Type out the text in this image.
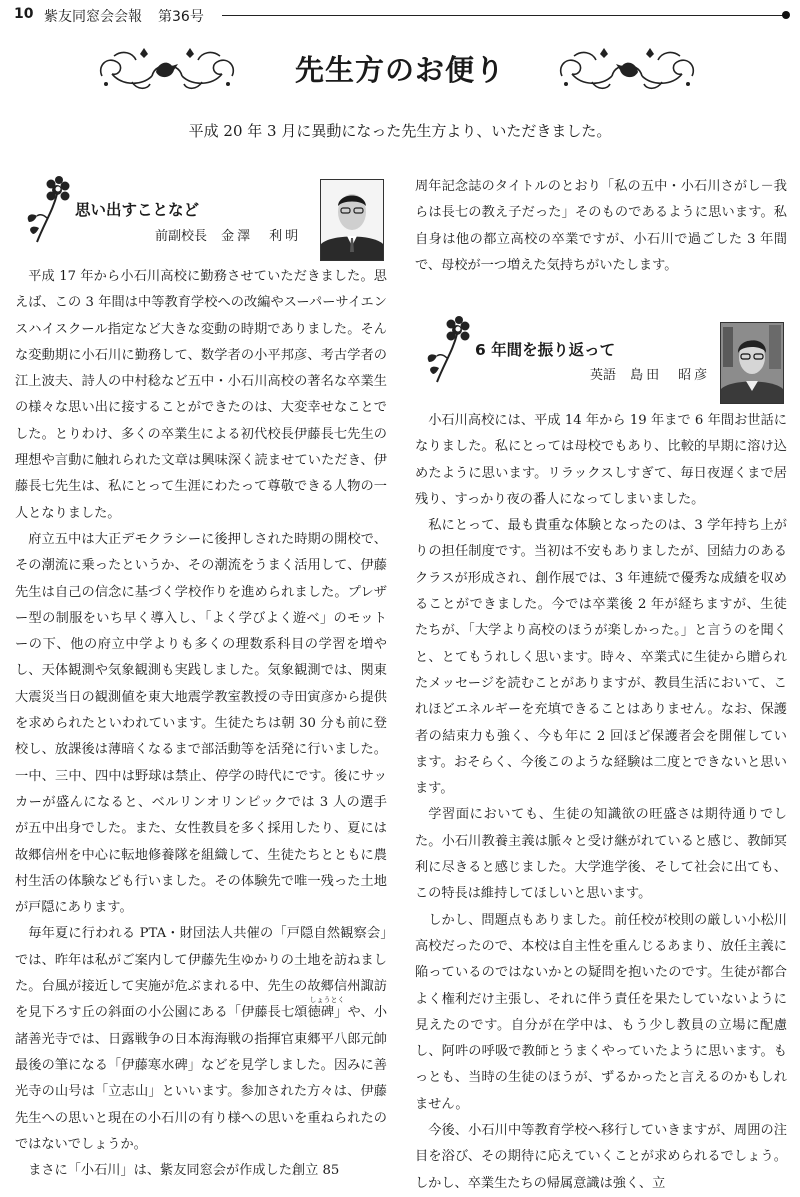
10 紫友同窓会会報 第36号
先生方のお便り
平成 20 年 3 月に異動になった先生方より、いただきました。
思い出すことなど
前副校長 金澤　利明

平成 17 年から小石川高校に勤務させていただきました。思えば、この 3 年間は中等教育学校への改編やスーパーサイエンスハイスクール指定など大きな変動の時期でありました。そんな変動期に小石川に勤務して、数学者の小平邦彦、考古学者の江上波夫、詩人の中村稔など五中・小石川高校の著名な卒業生の様々な思い出に接することができたのは、大変幸せなことでした。とりわけ、多くの卒業生による初代校長伊藤長七先生の理想や言動に触れられた文章は興味深く読ませていただき、伊藤長七先生は、私にとって生涯にわたって尊敬できる人物の一人となりました。

府立五中は大正デモクラシーに後押しされた時期の開校で、その潮流に乗ったというか、その潮流をうまく活用して、伊藤先生は自己の信念に基づく学校作りを進められました。プレザー型の制服をいち早く導入し、「よく学びよく遊べ」のモットーの下、他の府立中学よりも多くの理数系科目の学習を増やし、天体観測や気象観測も実践しました。気象観測では、関東大震災当日の観測値を東大地震学教室教授の寺田寅彦から提供を求められたといわれています。生徒たちは朝 30 分も前に登校し、放課後は薄暗くなるまで部活動等を活発に行いました。一中、三中、四中は野球は禁止、停学の時代にです。後にサッカーが盛んになると、ベルリンオリンピックでは 3 人の選手が五中出身でした。また、女性教員を多く採用したり、夏には故郷信州を中心に転地修養隊を組織して、生徒たちとともに農村生活の体験なども行いました。その体験先で唯一残った土地が戸隠にあります。

毎年夏に行われる PTA・財団法人共催の「戸隠自然観察会」では、昨年は私がご案内して伊藤先生ゆかりの土地を訪ねました。台風が接近して実施が危ぶまれる中、先生の故郷信州諏訪を見下ろす丘の斜面の小公園にある「伊藤長七
しょうとく
頌徳碑」や、小諸善光寺では、日露戦争の日本海海戦の指揮官東郷平八郎元帥最後の筆になる「伊藤寒水碑」などを見学しました。因みに善光寺の山号は「立志山」といいます。参加された方々は、伊藤先生への思いと現在の小石川の有り様への思いを重ねられたのではないでしょうか。

まさに「小石川」は、紫友同窓会が作成した創立 85

周年記念誌のタイトルのとおり「私の五中・小石川さがし－我らは長七の教え子だった」そのものであるように思います。私自身は他の都立高校の卒業ですが、小石川で過ごした 3 年間で、母校が一つ増えた気持ちがいたします。

6 年間を振り返って
英語 島田　昭彦

小石川高校には、平成 14 年から 19 年まで 6 年間お世話になりました。私にとっては母校でもあり、比較的早期に溶け込めたように思います。リラックスしすぎて、毎日夜遅くまで居残り、すっかり夜の番人になってしまいました。

私にとって、最も貴重な体験となったのは、3 学年持ち上がりの担任制度です。当初は不安もありましたが、団結力のあるクラスが形成され、創作展では、3 年連続で優秀な成績を収めることができました。今では卒業後 2 年が経ちますが、生徒たちが、「大学より高校のほうが楽しかった。」と言うのを聞くと、とてもうれしく思います。時々、卒業式に生徒から贈られたメッセージを読むことがありますが、教員生活において、これほどエネルギーを充填できることはありません。なお、保護者の結束力も強く、今も年に 2 回ほど保護者会を開催しています。おそらく、今後このような経験は二度とできないと思います。

学習面においても、生徒の知識欲の旺盛さは期待通りでした。小石川教養主義は脈々と受け継がれていると感じ、教師冥利に尽きると感じました。大学進学後、そして社会に出ても、この特長は維持してほしいと思います。

しかし、問題点もありました。前任校が校則の厳しい小松川高校だったので、本校は自主性を重んじるあまり、放任主義に陥っているのではないかとの疑問を抱いたのです。生徒が都合よく権利だけ主張し、それに伴う責任を果たしていないように見えたのです。自分が在学中は、もう少し教員の立場に配慮し、阿吽の呼吸で教師とうまくやっていたように思います。もっとも、当時の生徒のほうが、ずるかったと言えるのかもしれません。

今後、小石川中等教育学校へ移行していきますが、周囲の注目を浴び、その期待に応えていくことが求められるでしょう。しかし、卒業生たちの帰属意識は強く、立
